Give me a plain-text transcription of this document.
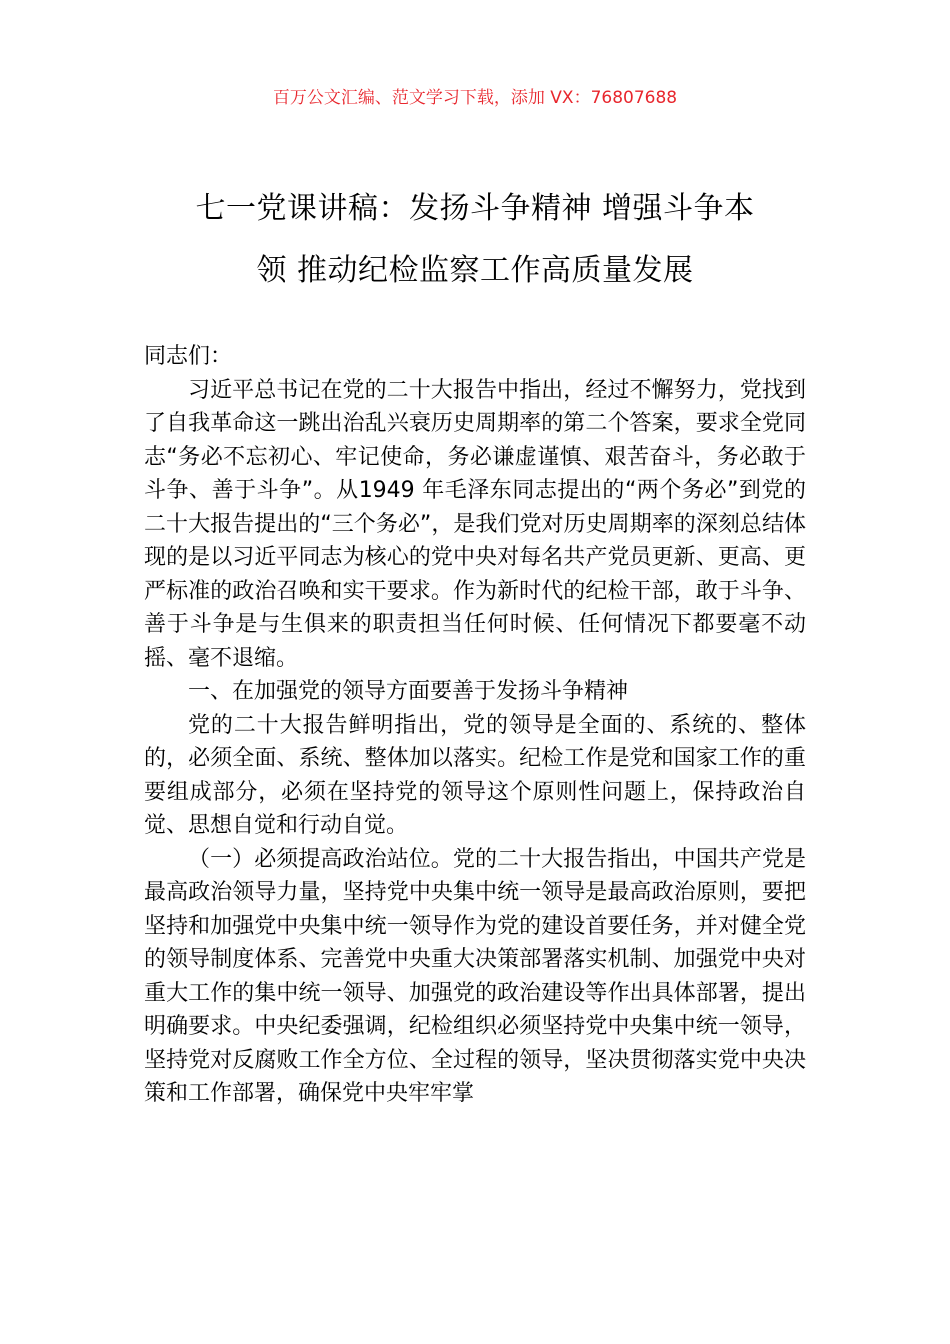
百万公文汇编、范文学习下载，添加 VX：76807688
七一党课讲稿：发扬斗争精神 增强斗争本
领 推动纪检监察工作高质量发展

同志们：

习近平总书记在党的二十大报告中指出，经过不懈努力，党找到了自我革命这一跳出治乱兴衰历史周期率的第二个答案，要求全党同志“务必不忘初心、牢记使命，务必谦虚谨慎、艰苦奋斗，务必敢于斗争、善于斗争”。从1949 年毛泽东同志提出的“两个务必”到党的二十大报告提出的“三个务必”，是我们党对历史周期率的深刻总结体现的是以习近平同志为核心的党中央对每名共产党员更新、更高、更严标准的政治召唤和实干要求。作为新时代的纪检干部，敢于斗争、善于斗争是与生俱来的职责担当任何时候、任何情况下都要毫不动摇、毫不退缩。

一、在加强党的领导方面要善于发扬斗争精神

党的二十大报告鲜明指出，党的领导是全面的、系统的、整体的，必须全面、系统、整体加以落实。纪检工作是党和国家工作的重要组成部分，必须在坚持党的领导这个原则性问题上，保持政治自觉、思想自觉和行动自觉。

（一）必须提高政治站位。党的二十大报告指出，中国共产党是最高政治领导力量，坚持党中央集中统一领导是最高政治原则，要把坚持和加强党中央集中统一领导作为党的建设首要任务，并对健全党的领导制度体系、完善党中央重大决策部署落实机制、加强党中央对重大工作的集中统一领导、加强党的政治建设等作出具体部署，提出明确要求。中央纪委强调，纪检组织必须坚持党中央集中统一领导，坚持党对反腐败工作全方位、全过程的领导，坚决贯彻落实党中央决策和工作部署，确保党中央牢牢掌
